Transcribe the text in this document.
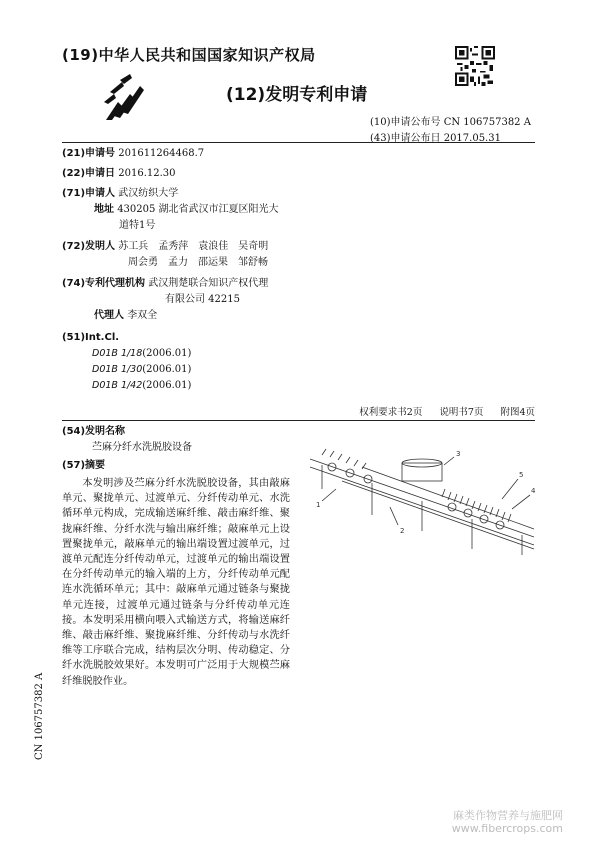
(19)中华人民共和国国家知识产权局
(12)发明专利申请
(10)申请公布号 CN 106757382 A
(43)申请公布日 2017.05.31
(21)申请号 201611264468.7
(22)申请日 2016.12.30
(71)申请人 武汉纺织大学
地址 430205 湖北省武汉市江夏区阳光大
道特1号
(72)发明人 苏工兵　孟秀萍　袁浪佳　吴奇明
周会勇　孟力　邵运果　邹舒畅
(74)专利代理机构 武汉荆楚联合知识产权代理
有限公司 42215
代理人 李双全
(51)Int.Cl.
D01B 1/18(2006.01)
D01B 1/30(2006.01)
D01B 1/42(2006.01)
权利要求书2页 说明书7页 附图4页
(54)发明名称
苎麻分纤水洗脱胶设备
(57)摘要
本发明涉及苎麻分纤水洗脱胶设备，其由敲麻单元、聚拢单元、过渡单元、分纤传动单元、水洗循环单元构成，完成输送麻纤维、敲击麻纤维、聚拢麻纤维、分纤水洗与输出麻纤维；敲麻单元上设置聚拢单元，敲麻单元的输出端设置过渡单元，过渡单元配连分纤传动单元，过渡单元的输出端设置在分纤传动单元的输入端的上方，分纤传动单元配连水洗循环单元；其中：敲麻单元通过链条与聚拢单元连接，过渡单元通过链条与分纤传动单元连接。本发明采用横向喂入式输送方式，将输送麻纤维、敲击麻纤维、聚拢麻纤维、分纤传动与水洗纤维等工序联合完成，结构层次分明、传动稳定、分纤水洗脱胶效果好。本发明可广泛用于大规模苎麻纤维脱胶作业。
1
2
3
4
5
CN 106757382 A
麻类作物营养与施肥网
www.fibercrops.com
